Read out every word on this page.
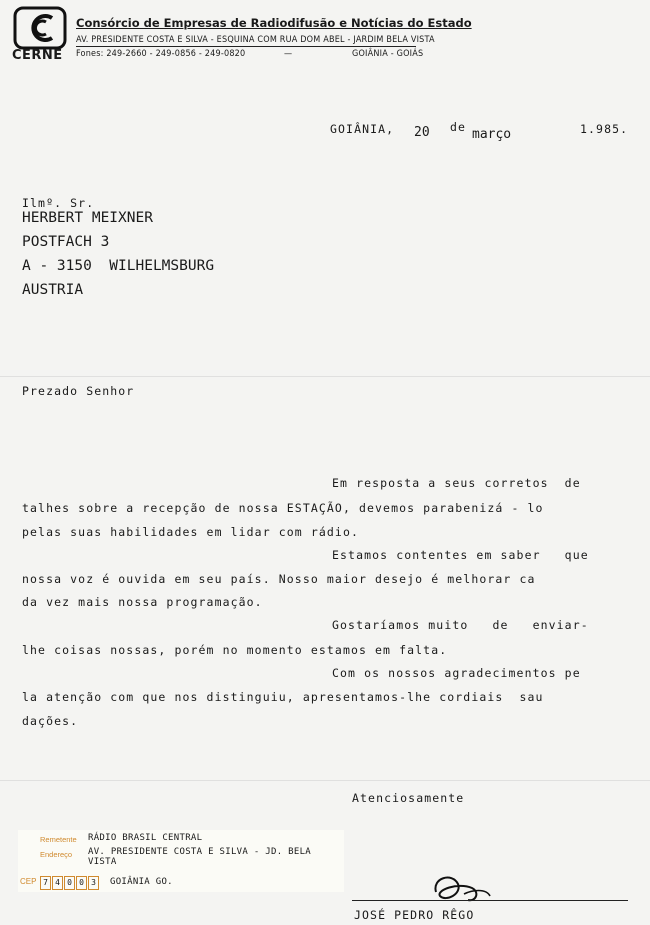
CERNE
Consórcio de Empresas de Radiodifusão e Notícias do Estado
AV. PRESIDENTE COSTA E SILVA - ESQUINA COM RUA DOM ABEL - JARDIM BELA VISTA
Fones: 249-2660 - 249-0856 - 249-0820	—	GOIÂNIA - GOIÁS
GOIÂNIA, 20 de março	1.985.
Ilmº. Sr.
HERBERT MEIXNER
POSTFACH 3
A - 3150  WILHELMSBURG
AUSTRIA
Prezado Senhor
Em resposta a seus corretos  de
talhes sobre a recepção de nossa ESTAÇÃO, devemos parabenizá - lo
pelas suas habilidades em lidar com rádio.
Estamos contentes em saber   que
nossa voz é ouvida em seu país. Nosso maior desejo é melhorar ca
da vez mais nossa programação.
Gostaríamos muito   de   enviar-
lhe coisas nossas, porém no momento estamos em falta.
Com os nossos agradecimentos pe
la atenção com que nos distinguiu, apresentamos-lhe cordiais  sau
dações.
Atenciosamente
Remetente RÁDIO BRASIL CENTRAL
Endereço AV. PRESIDENTE COSTA E SILVA - JD. BELA VISTA
CEP 7 4 0 0 3	GOIÂNIA GO.
JOSÉ PEDRO RÊGO
